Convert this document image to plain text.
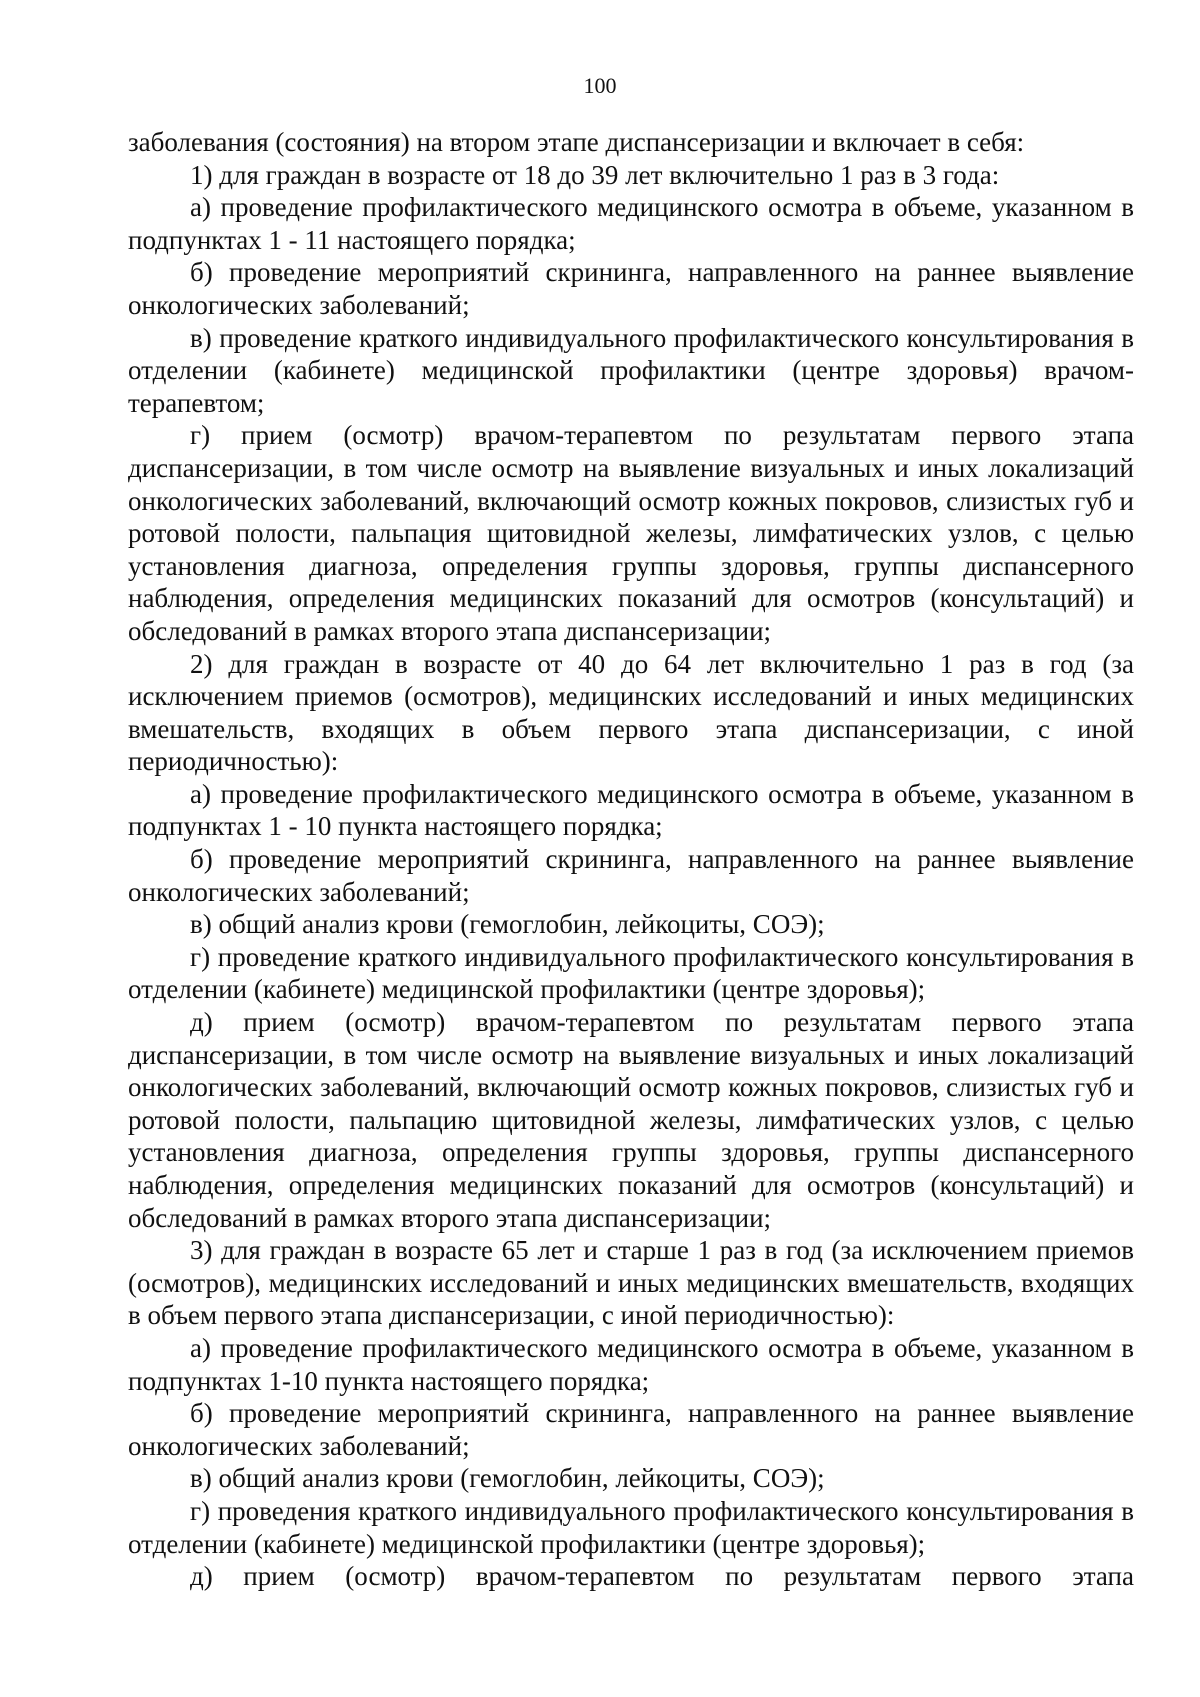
100

заболевания (состояния) на втором этапе диспансеризации и включает в себя:

1) для граждан в возрасте от 18 до 39 лет включительно 1 раз в 3 года:

а) проведение профилактического медицинского осмотра в объеме, указанном в подпунктах 1 - 11 настоящего порядка;

б) проведение мероприятий скрининга, направленного на раннее выявление онкологических заболеваний;

в) проведение краткого индивидуального профилактического консультирования в отделении (кабинете) медицинской профилактики (центре здоровья) врачом-терапевтом;

г) прием (осмотр) врачом-терапевтом по результатам первого этапа диспансеризации, в том числе осмотр на выявление визуальных и иных локализаций онкологических заболеваний, включающий осмотр кожных покровов, слизистых губ и ротовой полости, пальпация щитовидной железы, лимфатических узлов, с целью установления диагноза, определения группы здоровья, группы диспансерного наблюдения, определения медицинских показаний для осмотров (консультаций) и обследований в рамках второго этапа диспансеризации;

2) для граждан в возрасте от 40 до 64 лет включительно 1 раз в год (за исключением приемов (осмотров), медицинских исследований и иных медицинских вмешательств, входящих в объем первого этапа диспансеризации, с иной периодичностью):

а) проведение профилактического медицинского осмотра в объеме, указанном в подпунктах 1 - 10 пункта настоящего порядка;

б) проведение мероприятий скрининга, направленного на раннее выявление онкологических заболеваний;

в) общий анализ крови (гемоглобин, лейкоциты, СОЭ);

г) проведение краткого индивидуального профилактического консультирования в отделении (кабинете) медицинской профилактики (центре здоровья);

д) прием (осмотр) врачом-терапевтом по результатам первого этапа диспансеризации, в том числе осмотр на выявление визуальных и иных локализаций онкологических заболеваний, включающий осмотр кожных покровов, слизистых губ и ротовой полости, пальпацию щитовидной железы, лимфатических узлов, с целью установления диагноза, определения группы здоровья, группы диспансерного наблюдения, определения медицинских показаний для осмотров (консультаций) и обследований в рамках второго этапа диспансеризации;

3) для граждан в возрасте 65 лет и старше 1 раз в год (за исключением приемов (осмотров), медицинских исследований и иных медицинских вмешательств, входящих в объем первого этапа диспансеризации, с иной периодичностью):

а) проведение профилактического медицинского осмотра в объеме, указанном в подпунктах 1-10 пункта настоящего порядка;

б) проведение мероприятий скрининга, направленного на раннее выявление онкологических заболеваний;

в) общий анализ крови (гемоглобин, лейкоциты, СОЭ);

г) проведения краткого индивидуального профилактического консультирования в отделении (кабинете) медицинской профилактики (центре здоровья);

д) прием (осмотр) врачом-терапевтом по результатам первого этапа
